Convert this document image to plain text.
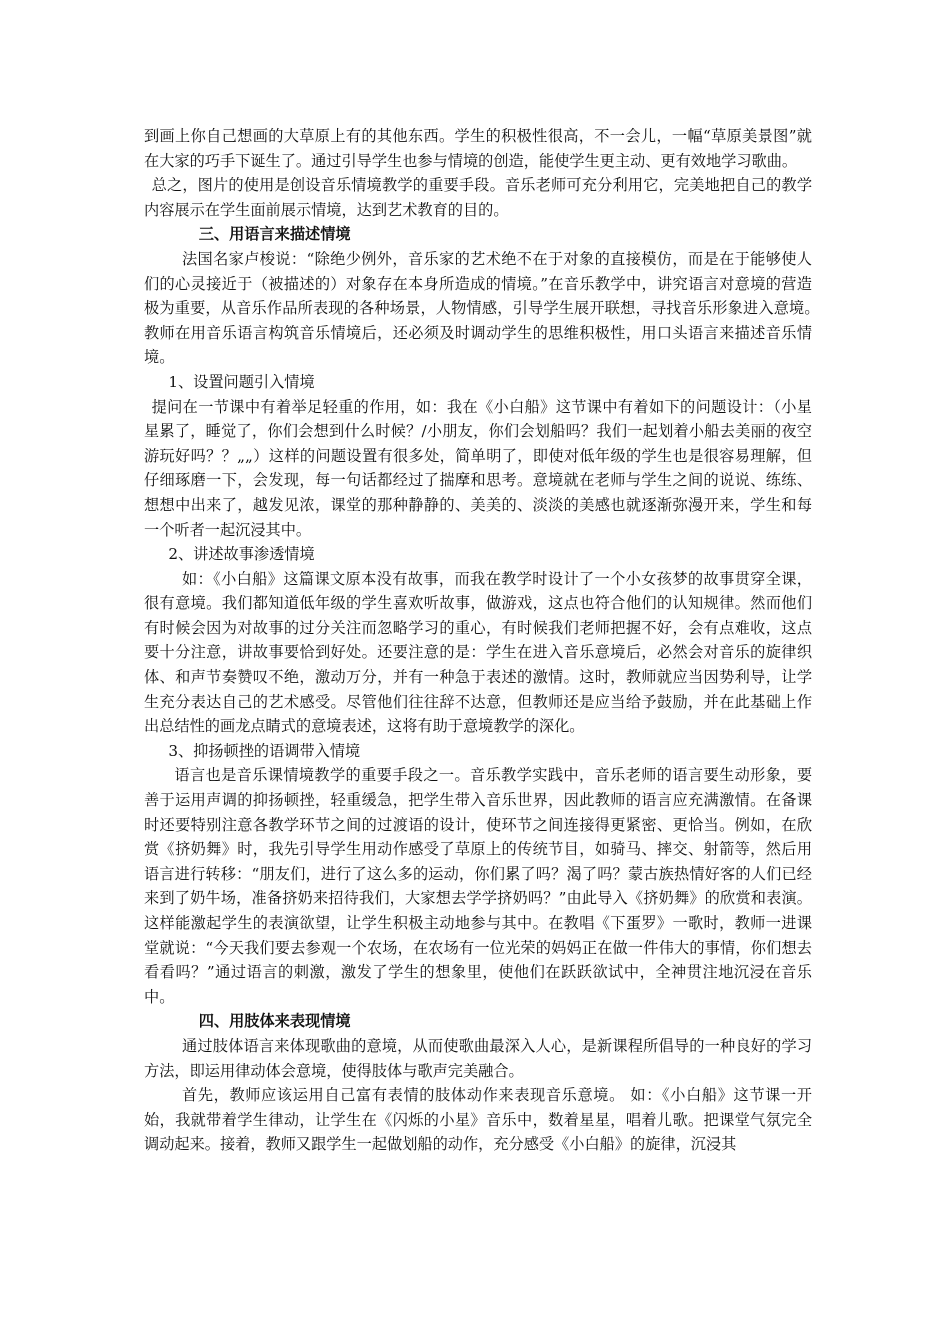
到画上你自己想画的大草原上有的其他东西。学生的积极性很高，不一会儿，一幅“草原美景图”就在大家的巧手下诞生了。通过引导学生也参与情境的创造，能使学生更主动、更有效地学习歌曲。

总之，图片的使用是创设音乐情境教学的重要手段。音乐老师可充分利用它，完美地把自己的教学内容展示在学生面前展示情境，达到艺术教育的目的。

三、用语言来描述情境

法国名家卢梭说：“除绝少例外，音乐家的艺术绝不在于对象的直接模仿，而是在于能够使人们的心灵接近于（被描述的）对象存在本身所造成的情境。”在音乐教学中，讲究语言对意境的营造极为重要，从音乐作品所表现的各种场景，人物情感，引导学生展开联想，寻找音乐形象进入意境。　教师在用音乐语言构筑音乐情境后，还必须及时调动学生的思维积极性，用口头语言来描述音乐情境。

1、设置问题引入情境

提问在一节课中有着举足轻重的作用，如：我在《小白船》这节课中有着如下的问题设计：（小星星累了，睡觉了，你们会想到什么时候？/小朋友，你们会划船吗？我们一起划着小船去美丽的夜空游玩好吗？？„„）这样的问题设置有很多处，简单明了，即使对低年级的学生也是很容易理解，但仔细琢磨一下，会发现，每一句话都经过了揣摩和思考。意境就在老师与学生之间的说说、练练、想想中出来了，越发见浓，课堂的那种静静的、美美的、淡淡的美感也就逐渐弥漫开来，学生和每一个听者一起沉浸其中。

2、讲述故事渗透情境

如：《小白船》这篇课文原本没有故事，而我在教学时设计了一个小女孩梦的故事贯穿全课，很有意境。我们都知道低年级的学生喜欢听故事，做游戏，这点也符合他们的认知规律。然而他们有时候会因为对故事的过分关注而忽略学习的重心，有时候我们老师把握不好，会有点难收，这点要十分注意，讲故事要恰到好处。还要注意的是：学生在进入音乐意境后，必然会对音乐的旋律织体、和声节奏赞叹不绝，激动万分，并有一种急于表述的激情。这时，教师就应当因势利导，让学生充分表达自己的艺术感受。尽管他们往往辞不达意，但教师还是应当给予鼓励，并在此基础上作出总结性的画龙点睛式的意境表述，这将有助于意境教学的深化。

3、抑扬顿挫的语调带入情境

语言也是音乐课情境教学的重要手段之一。音乐教学实践中，音乐老师的语言要生动形象，要善于运用声调的抑扬顿挫，轻重缓急，把学生带入音乐世界，因此教师的语言应充满激情。在备课时还要特别注意各教学环节之间的过渡语的设计，使环节之间连接得更紧密、更恰当。例如，在欣赏《挤奶舞》时，我先引导学生用动作感受了草原上的传统节目，如骑马、摔交、射箭等，然后用语言进行转移：“朋友们，进行了这么多的运动，你们累了吗？渴了吗？蒙古族热情好客的人们已经来到了奶牛场，准备挤奶来招待我们，大家想去学学挤奶吗？”由此导入《挤奶舞》的欣赏和表演。这样能激起学生的表演欲望，让学生积极主动地参与其中。在教唱《下蛋罗》一歌时，教师一进课堂就说：“今天我们要去参观一个农场，在农场有一位光荣的妈妈正在做一件伟大的事情，你们想去看看吗？”通过语言的刺激，激发了学生的想象里，使他们在跃跃欲试中，全神贯注地沉浸在音乐中。

四、用肢体来表现情境

通过肢体语言来体现歌曲的意境，从而使歌曲最深入人心，是新课程所倡导的一种良好的学习方法，即运用律动体会意境，使得肢体与歌声完美融合。

首先，教师应该运用自己富有表情的肢体动作来表现音乐意境。 如：《小白船》这节课一开始，我就带着学生律动，让学生在《闪烁的小星》音乐中，数着星星，唱着儿歌。把课堂气氛完全调动起来。接着，教师又跟学生一起做划船的动作，充分感受《小白船》的旋律，沉浸其
